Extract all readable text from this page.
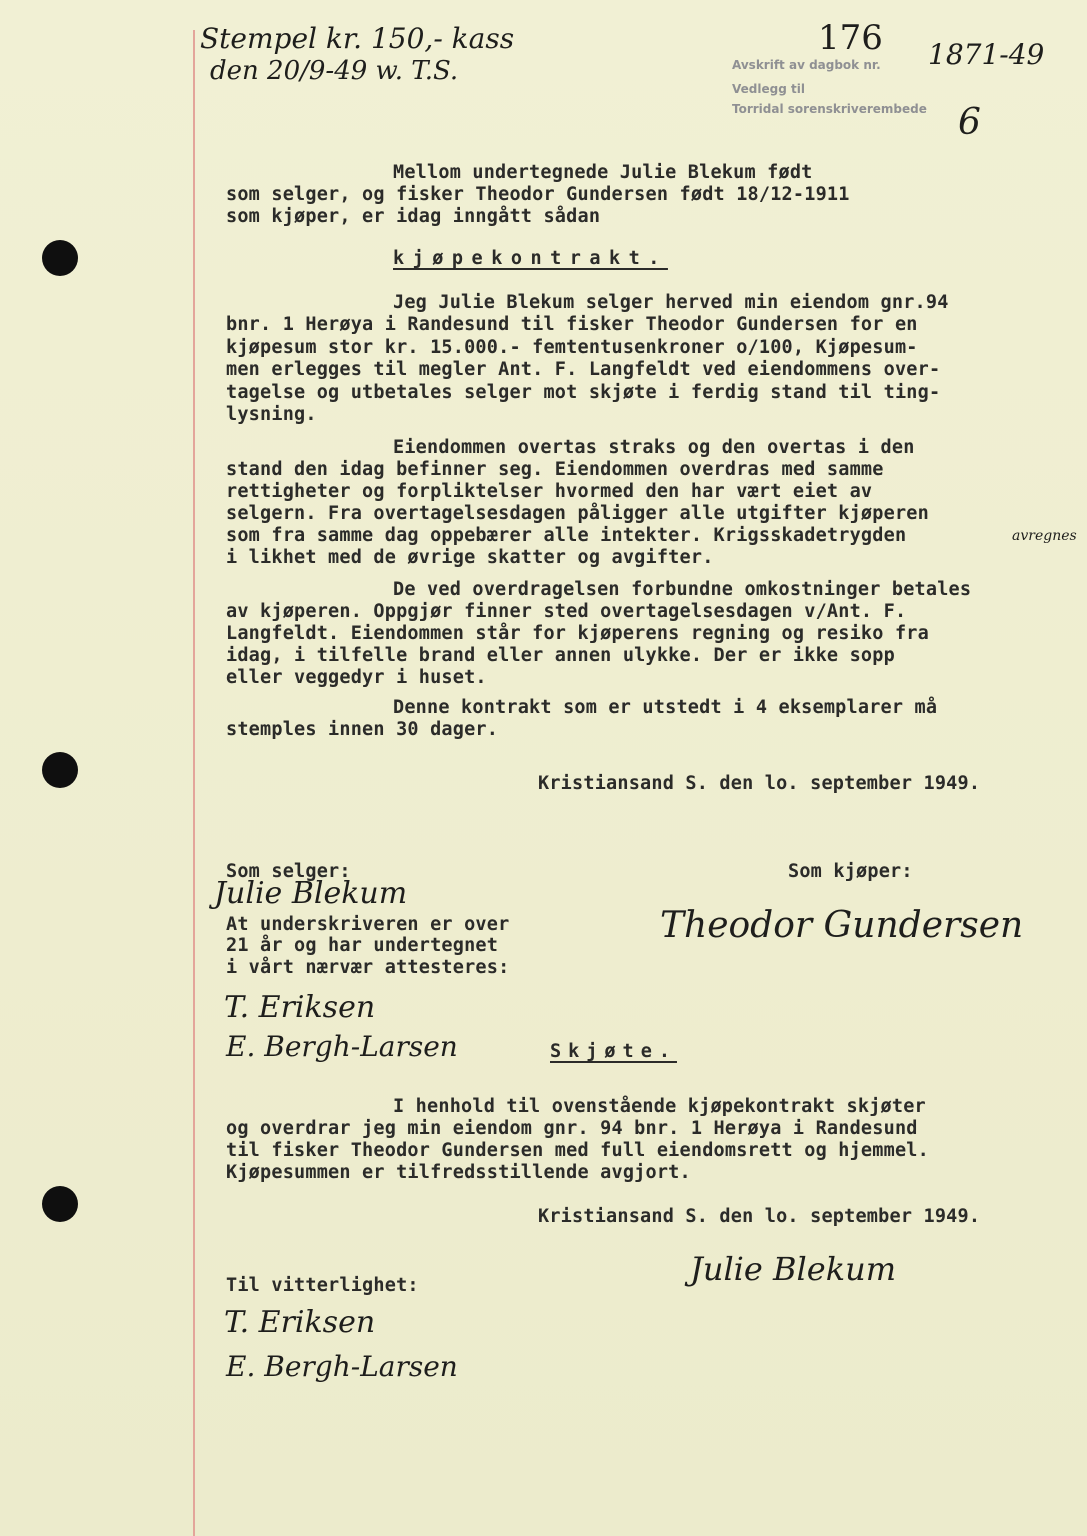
Stempel kr. 150,- kass
den 20/9-49 w. T.S.
176
Avskrift av dagbok nr. 1871-49
Vedlegg til
Torridal sorenskriverembede 6
Mellom undertegnede Julie Blekum født
som selger, og fisker Theodor Gundersen født 18/12-1911
som kjøper, er idag inngått sådan
kjøpekontrakt.
Jeg Julie Blekum selger herved min eiendom gnr.94
bnr. 1 Herøya i Randesund til fisker Theodor Gundersen for en
kjøpesum stor kr. 15.000.- femtentusenkroner o/100, Kjøpesum-
men erlegges til megler Ant. F. Langfeldt ved eiendommens over-
tagelse og utbetales selger mot skjøte i ferdig stand til ting-
lysning.
Eiendommen overtas straks og den overtas i den
stand den idag befinner seg. Eiendommen overdras med samme
rettigheter og forpliktelser hvormed den har vært eiet av
selgern. Fra overtagelsesdagen påligger alle utgifter kjøperen
som fra samme dag oppebærer alle intekter. Krigsskadetrygden
i likhet med de øvrige skatter og avgifter.
avregnes
De ved overdragelsen forbundne omkostninger betales
av kjøperen. Oppgjør finner sted overtagelsesdagen v/Ant. F.
Langfeldt. Eiendommen står for kjøperens regning og resiko fra
idag, i tilfelle brand eller annen ulykke. Der er ikke sopp
eller veggedyr i huset.
Denne kontrakt som er utstedt i 4 eksemplarer må
stemples innen 30 dager.
Kristiansand S. den lo. september 1949.
Som selger:
Julie Blekum
Som kjøper:
Theodor Gundersen
At underskriveren er over
21 år og har undertegnet
i vårt nærvær attesteres:
T. Eriksen
E. Bergh-Larsen	Skjøte.
I henhold til ovenstående kjøpekontrakt skjøter
og overdrar jeg min eiendom gnr. 94 bnr. 1 Herøya i Randesund
til fisker Theodor Gundersen med full eiendomsrett og hjemmel.
Kjøpesummen er tilfredsstillende avgjort.
Kristiansand S. den lo. september 1949.
Julie Blekum
Til vitterlighet:
T. Eriksen
E. Bergh-Larsen
